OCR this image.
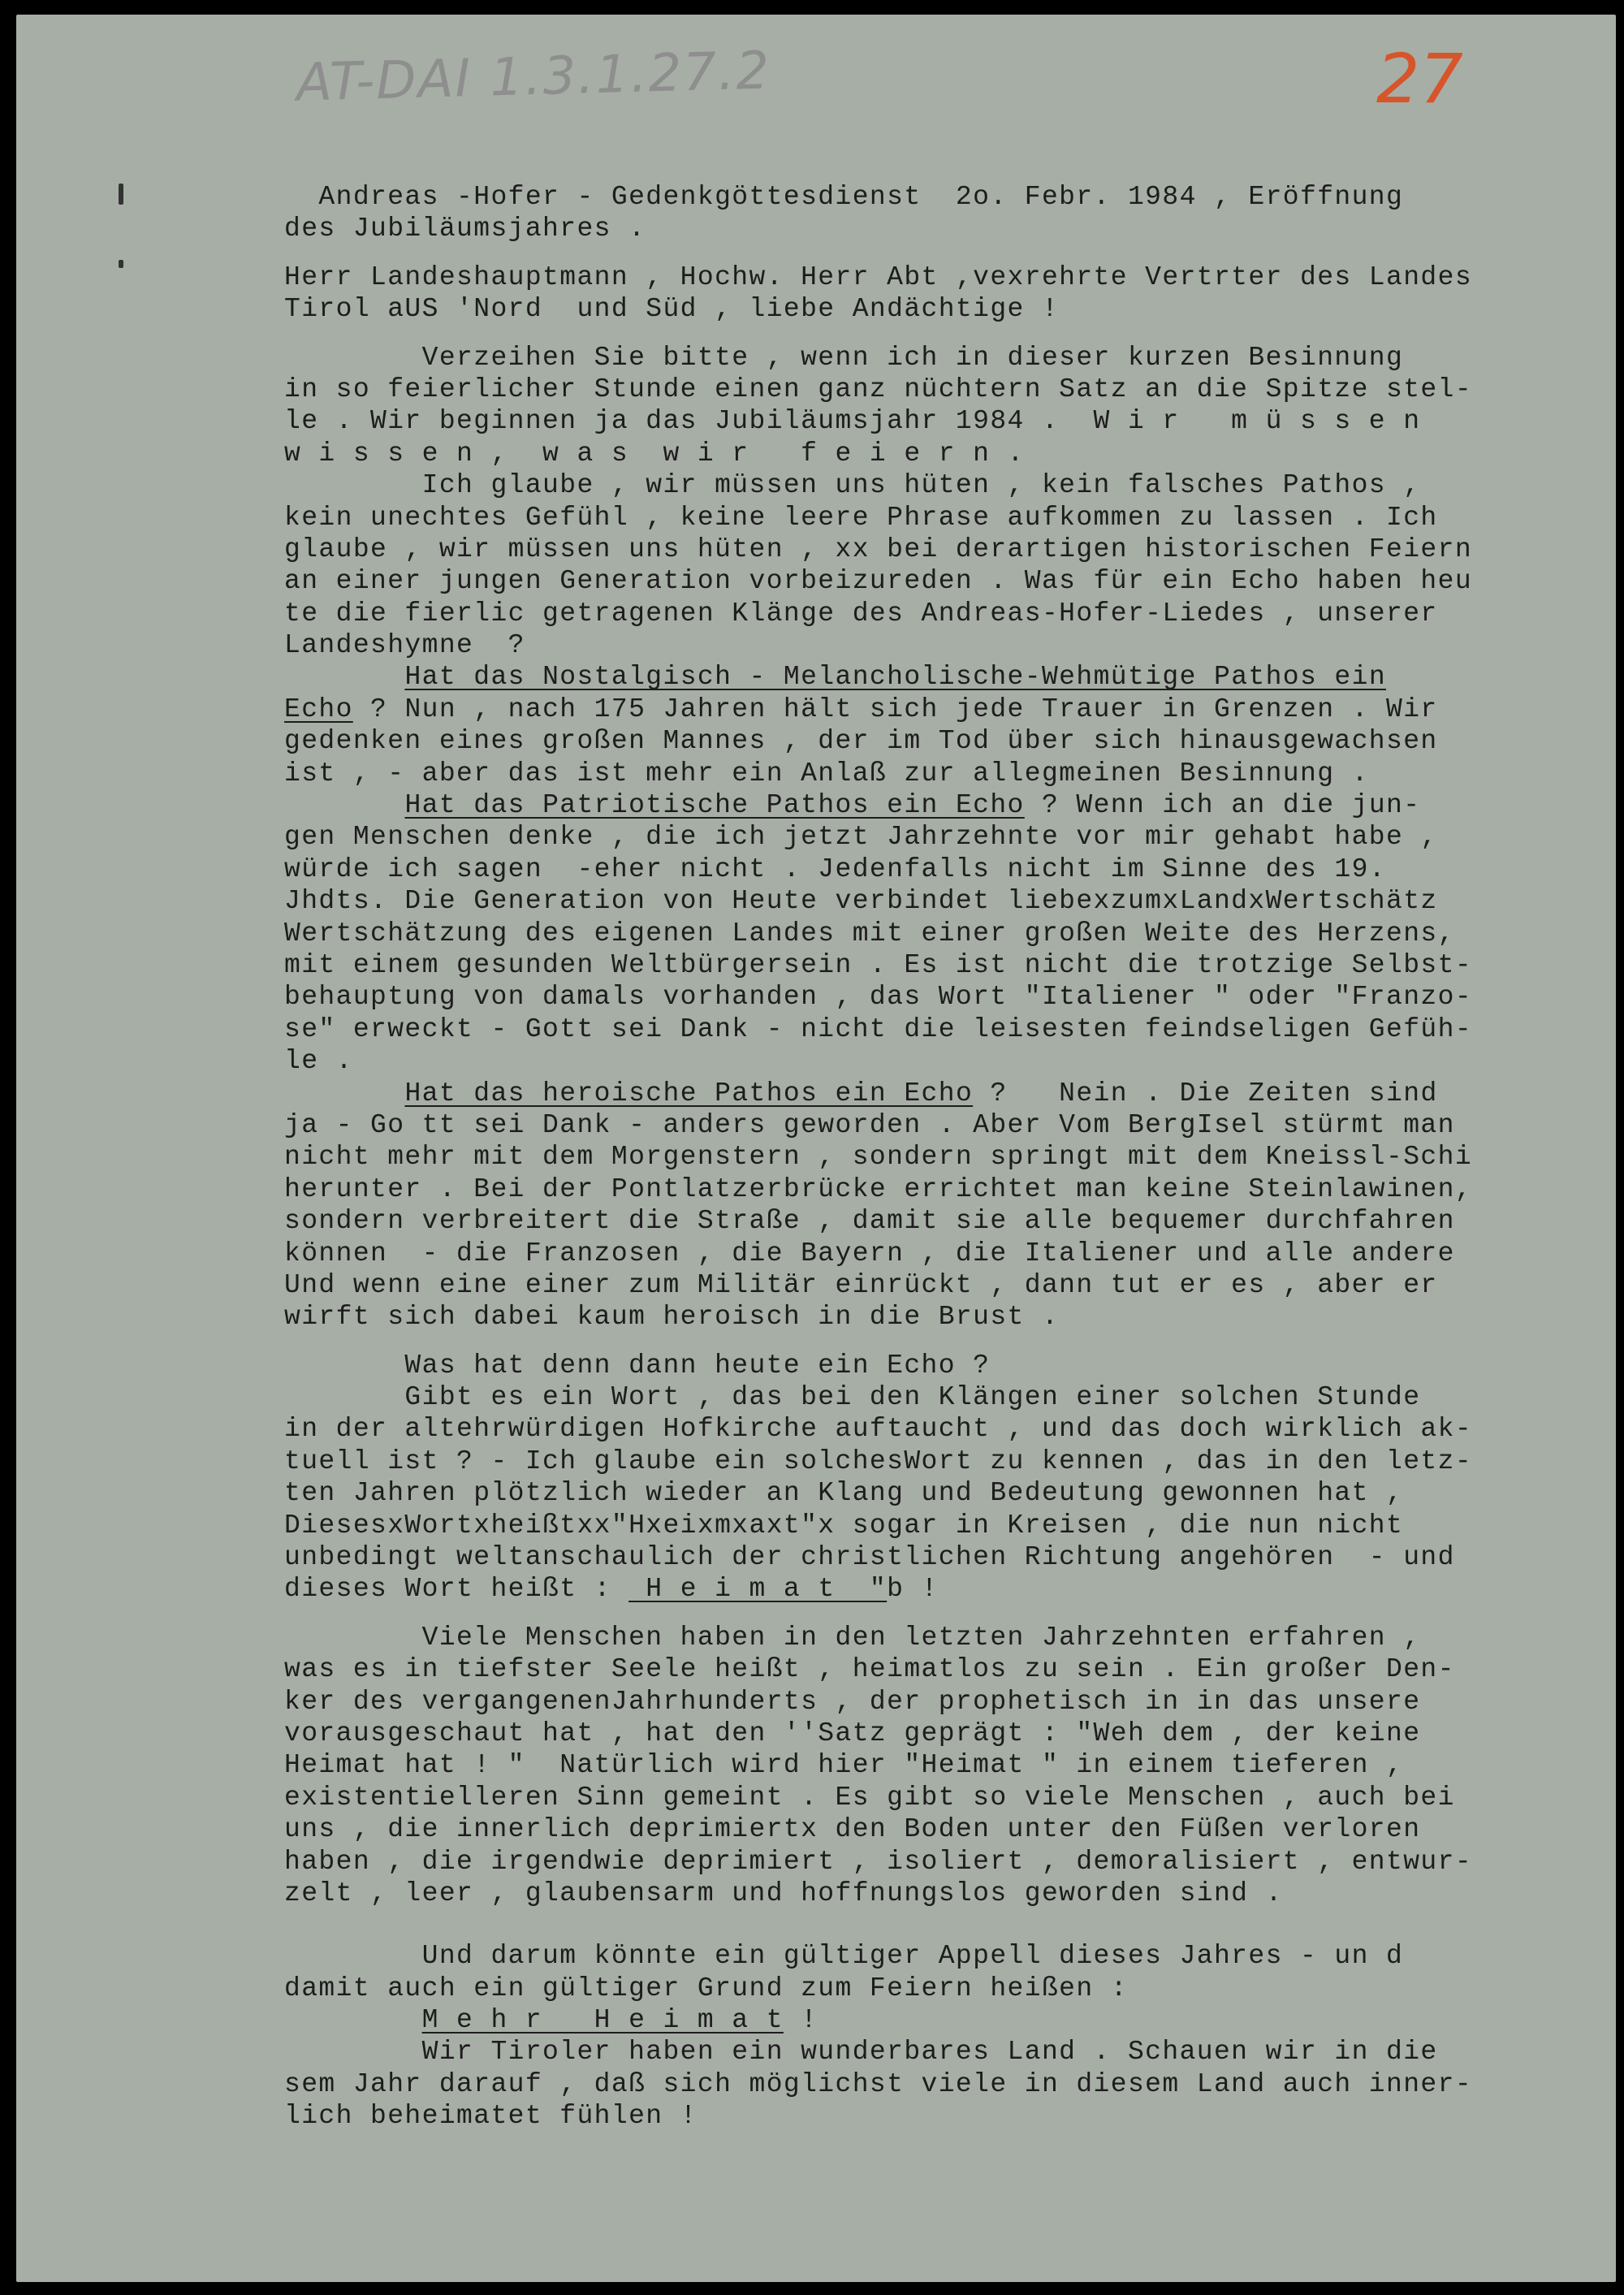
AT-DAI 1.3.1.27.2	27
Andreas -Hofer - Gedenkgöttesdienst  2o. Febr. 1984 , Eröffnung
des Jubiläumsjahres .
Herr Landeshauptmann , Hochw. Herr Abt ,vexrehrte Vertrter des Landes
Tirol aUS 'Nord  und Süd , liebe Andächtige !
Verzeihen Sie bitte , wenn ich in dieser kurzen Besinnung
in so feierlicher Stunde einen ganz nüchtern Satz an die Spitze stel-
le . Wir beginnen ja das Jubiläumsjahr 1984 .  W i r   m ü s s e n
w i s s e n ,  w a s  w i r   f e i e r n .
Ich glaube , wir müssen uns hüten , kein falsches Pathos ,
kein unechtes Gefühl , keine leere Phrase aufkommen zu lassen . Ich
glaube , wir müssen uns hüten , xx bei derartigen historischen Feiern
an einer jungen Generation vorbeizureden . Was für ein Echo haben heu
te die fierlic getragenen Klänge des Andreas-Hofer-Liedes , unserer
Landeshymne  ?
Hat das Nostalgisch - Melancholische-Wehmütige Pathos ein
Echo ? Nun , nach 175 Jahren hält sich jede Trauer in Grenzen . Wir
gedenken eines großen Mannes , der im Tod über sich hinausgewachsen
ist , - aber das ist mehr ein Anlaß zur allegmeinen Besinnung .
Hat das Patriotische Pathos ein Echo ? Wenn ich an die jun-
gen Menschen denke , die ich jetzt Jahrzehnte vor mir gehabt habe ,
würde ich sagen  -eher nicht . Jedenfalls nicht im Sinne des 19.
Jhdts. Die Generation von Heute verbindet liebexzumxLandxWertschätz
Wertschätzung des eigenen Landes mit einer großen Weite des Herzens,
mit einem gesunden Weltbürgersein . Es ist nicht die trotzige Selbst-
behauptung von damals vorhanden , das Wort "Italiener " oder "Franzo-
se" erweckt - Gott sei Dank - nicht die leisesten feindseligen Gefüh-
le .
Hat das heroische Pathos ein Echo ?   Nein . Die Zeiten sind
ja - Go tt sei Dank - anders geworden . Aber Vom BergIsel stürmt man
nicht mehr mit dem Morgenstern , sondern springt mit dem Kneissl-Schi
herunter . Bei der Pontlatzerbrücke errichtet man keine Steinlawinen,
sondern verbreitert die Straße , damit sie alle bequemer durchfahren
können  - die Franzosen , die Bayern , die Italiener und alle andere
Und wenn eine einer zum Militär einrückt , dann tut er es , aber er
wirft sich dabei kaum heroisch in die Brust .
Was hat denn dann heute ein Echo ?
Gibt es ein Wort , das bei den Klängen einer solchen Stunde
in der altehrwürdigen Hofkirche auftaucht , und das doch wirklich ak-
tuell ist ? - Ich glaube ein solchesWort zu kennen , das in den letz-
ten Jahren plötzlich wieder an Klang und Bedeutung gewonnen hat ,
DiesesxWortxheißtxx"Hxeixmxaxt"x sogar in Kreisen , die nun nicht
unbedingt weltanschaulich der christlichen Richtung angehören  - und
dieses Wort heißt :  H e i m a t  "b !
Viele Menschen haben in den letzten Jahrzehnten erfahren ,
was es in tiefster Seele heißt , heimatlos zu sein . Ein großer Den-
ker des vergangenenJahrhunderts , der prophetisch in in das unsere
vorausgeschaut hat , hat den ''Satz geprägt : "Weh dem , der keine
Heimat hat ! "  Natürlich wird hier "Heimat " in einem tieferen ,
existentielleren Sinn gemeint . Es gibt so viele Menschen , auch bei
uns , die innerlich deprimiertx den Boden unter den Füßen verloren
haben , die irgendwie deprimiert , isoliert , demoralisiert , entwur-
zelt , leer , glaubensarm und hoffnungslos geworden sind .
Und darum könnte ein gültiger Appell dieses Jahres - un d
damit auch ein gültiger Grund zum Feiern heißen :
M e h r   H e i m a t !
Wir Tiroler haben ein wunderbares Land . Schauen wir in die
sem Jahr darauf , daß sich möglichst viele in diesem Land auch inner-
lich beheimatet fühlen !
